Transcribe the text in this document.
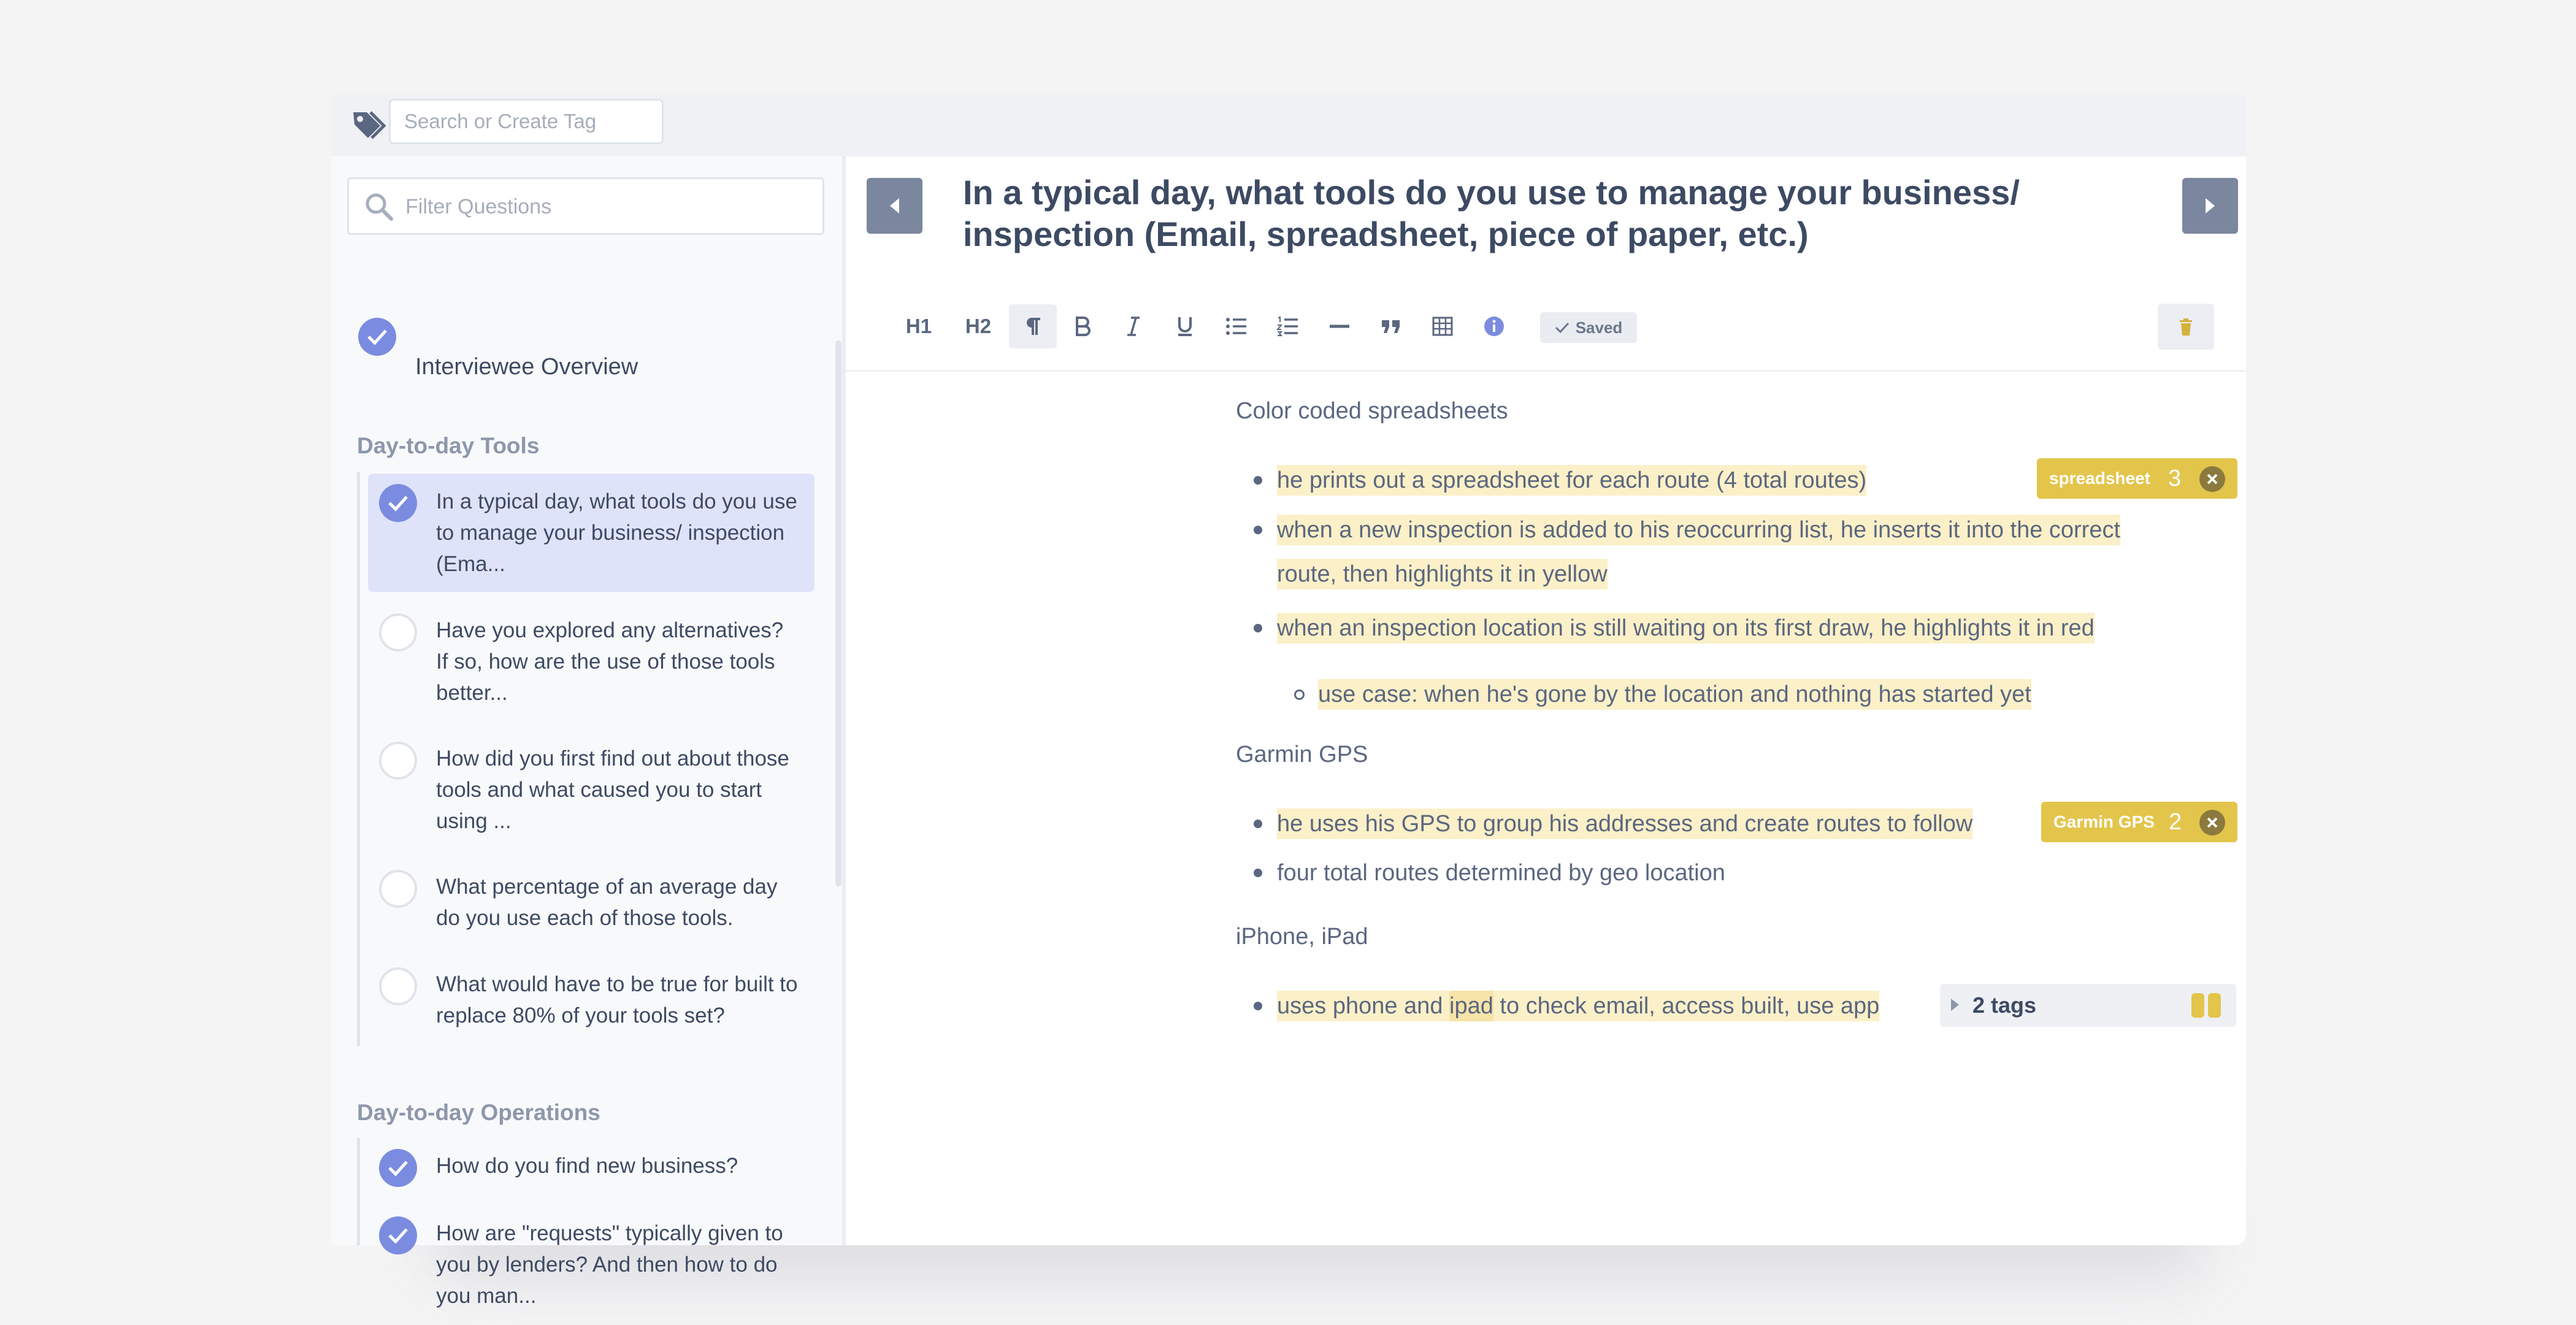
Search or Create Tag
Filter Questions
Interviewee Overview
Day-to-day Tools
In a typical day, what tools do you use to manage your business/ inspection (Ema...
Have you explored any alternatives? If so, how are the use of those tools better...
How did you first find out about those tools and what caused you to start using ...
What percentage of an average day do you use each of those tools.
What would have to be true for built to replace 80% of your tools set?
Day-to-day Operations
How do you find new business?
How are "requests" typically given to you by lenders? And then how to do you man...
In a typical day, what tools do you use to manage your business/ inspection (Email, spreadsheet, piece of paper, etc.)
H1 H2	Saved
Color coded spreadsheets
he prints out a spreadsheet for each route (4 total routes)	spreadsheet 3
when a new inspection is added to his reoccurring list, he inserts it into the correct
route, then highlights it in yellow
when an inspection location is still waiting on its first draw, he highlights it in red
use case: when he's gone by the location and nothing has started yet
Garmin GPS
he uses his GPS to group his addresses and create routes to follow	Garmin GPS 2
four total routes determined by geo location
iPhone, iPad
uses phone and ipad to check email, access built, use app	2 tags
